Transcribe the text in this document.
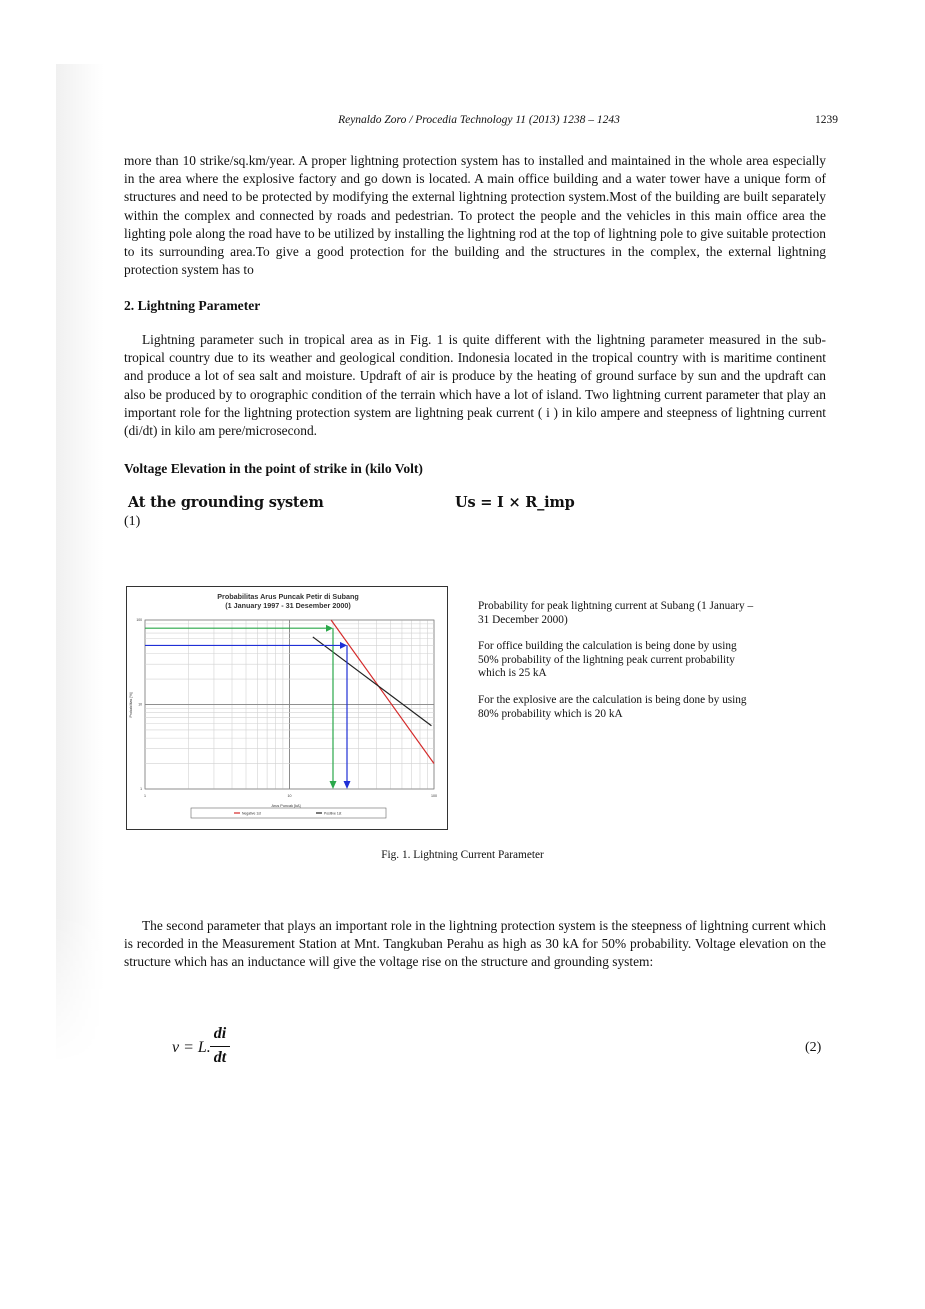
Reynaldo Zoro / Procedia Technology 11 (2013) 1238 – 1243	1239
more than 10 strike/sq.km/year. A proper lightning protection system has to installed and maintained in the whole area especially in the area where the explosive factory and go down is located. A main office building and a water tower have a unique form of structures and need to be protected by modifying the external lightning protection system.Most of the building are built separately within the complex and connected by roads and pedestrian. To protect the people and the vehicles in this main office area the lighting pole along the road have to be utilized by installing the lightning rod at the top of lightning pole to give suitable protection to its surrounding area.To give a good protection for the building and the structures in the complex, the external lightning protection system has to
2. Lightning Parameter
Lightning parameter such in tropical area as in Fig. 1 is quite different with the lightning parameter measured in the sub-tropical country due to its weather and geological condition. Indonesia located in the tropical country with is maritime continent and produce a lot of sea salt and moisture. Updraft of air is produce by the heating of ground surface by sun and the updraft can also be produced by to orographic condition of the terrain which have a lot of island. Two lightning current parameter that play an important role for the lightning protection system are lightning peak current ( i ) in kilo ampere and steepness of lightning current (di/dt) in kilo am pere/microsecond.
Voltage Elevation in the point of strike in (kilo Volt)
At the grounding system	Us = I × R_imp
(1)
Probabilitas Arus Puncak Petir di Subang
(1 January 1997 - 31 Desember 2000)
1	10	100
1
10
100
Arus Puncak [kA]
Probabilitas [%]
Negative 1st	Positive 1st

Probability for peak lightning current at Subang (1 January – 31 December 2000)

For office building the calculation is being done by using 50% probability of the lightning peak current probability which is 25 kA

For the explosive are the calculation is being done by using 80% probability which is 20 kA

Fig. 1. Lightning Current Parameter
The second parameter that plays an important role in the lightning protection system is the steepness of lightning current which is recorded in the Measurement Station at Mnt. Tangkuban Perahu as high as 30 kA for 50% probability. Voltage elevation on the structure which has an inductance will give the voltage rise on the structure and grounding system:
v = L.
di
dt
(2)
